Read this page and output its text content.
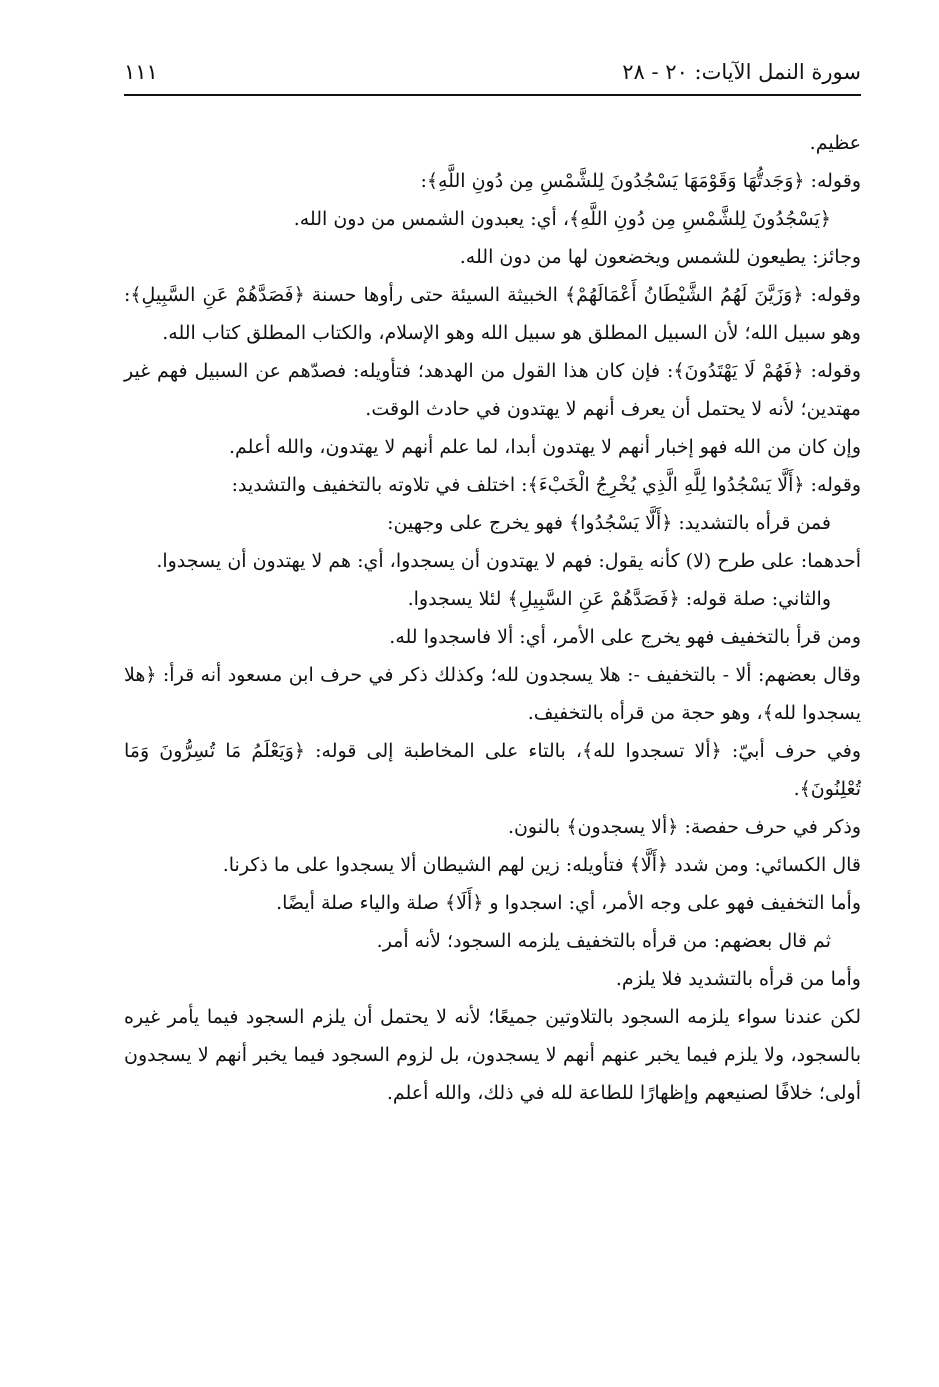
سورة النمل الآيات: ٢٠ - ٢٨
١١١

عظيم.

وقوله: ﴿وَجَدتُّهَا وَقَوْمَهَا يَسْجُدُونَ لِلشَّمْسِ مِن دُونِ اللَّهِ﴾:

﴿يَسْجُدُونَ لِلشَّمْسِ مِن دُونِ اللَّهِ﴾، أي: يعبدون الشمس من دون الله.

وجائز: يطيعون للشمس ويخضعون لها من دون الله.

وقوله: ﴿وَزَيَّنَ لَهُمُ الشَّيْطَانُ أَعْمَالَهُمْ﴾ الخبيثة السيئة حتى رأوها حسنة ﴿فَصَدَّهُمْ عَنِ السَّبِيلِ﴾: وهو سبيل الله؛ لأن السبيل المطلق هو سبيل الله وهو الإسلام، والكتاب المطلق كتاب الله.

وقوله: ﴿فَهُمْ لَا يَهْتَدُونَ﴾: فإن كان هذا القول من الهدهد؛ فتأويله: فصدّهم عن السبيل فهم غير مهتدين؛ لأنه لا يحتمل أن يعرف أنهم لا يهتدون في حادث الوقت.

وإن كان من الله فهو إخبار أنهم لا يهتدون أبدا، لما علم أنهم لا يهتدون، والله أعلم.

وقوله: ﴿أَلَّا يَسْجُدُوا لِلَّهِ الَّذِي يُخْرِجُ الْخَبْءَ﴾: اختلف في تلاوته بالتخفيف والتشديد:

فمن قرأه بالتشديد: ﴿أَلَّا يَسْجُدُوا﴾ فهو يخرج على وجهين:

أحدهما: على طرح (لا) كأنه يقول: فهم لا يهتدون أن يسجدوا، أي: هم لا يهتدون أن يسجدوا.

والثاني: صلة قوله: ﴿فَصَدَّهُمْ عَنِ السَّبِيلِ﴾ لئلا يسجدوا.

ومن قرأ بالتخفيف فهو يخرج على الأمر، أي: ألا فاسجدوا لله.

وقال بعضهم: ألا - بالتخفيف -: هلا يسجدون لله؛ وكذلك ذكر في حرف ابن مسعود أنه قرأ: ﴿هلا يسجدوا لله﴾، وهو حجة من قرأه بالتخفيف.

وفي حرف أبيّ: ﴿ألا تسجدوا لله﴾، بالتاء على المخاطبة إلى قوله: ﴿وَيَعْلَمُ مَا تُسِرُّونَ وَمَا تُعْلِنُونَ﴾.

وذكر في حرف حفصة: ﴿ألا يسجدون﴾ بالنون.

قال الكسائي: ومن شدد ﴿أَلَّا﴾ فتأويله: زين لهم الشيطان ألا يسجدوا على ما ذكرنا.

وأما التخفيف فهو على وجه الأمر، أي: اسجدوا و ﴿أَلَا﴾ صلة والياء صلة أيضًا.

ثم قال بعضهم: من قرأه بالتخفيف يلزمه السجود؛ لأنه أمر.

وأما من قرأه بالتشديد فلا يلزم.

لكن عندنا سواء يلزمه السجود بالتلاوتين جميعًا؛ لأنه لا يحتمل أن يلزم السجود فيما يأمر غيره بالسجود، ولا يلزم فيما يخبر عنهم أنهم لا يسجدون، بل لزوم السجود فيما يخبر أنهم لا يسجدون أولى؛ خلافًا لصنيعهم وإظهارًا للطاعة لله في ذلك، والله أعلم.
